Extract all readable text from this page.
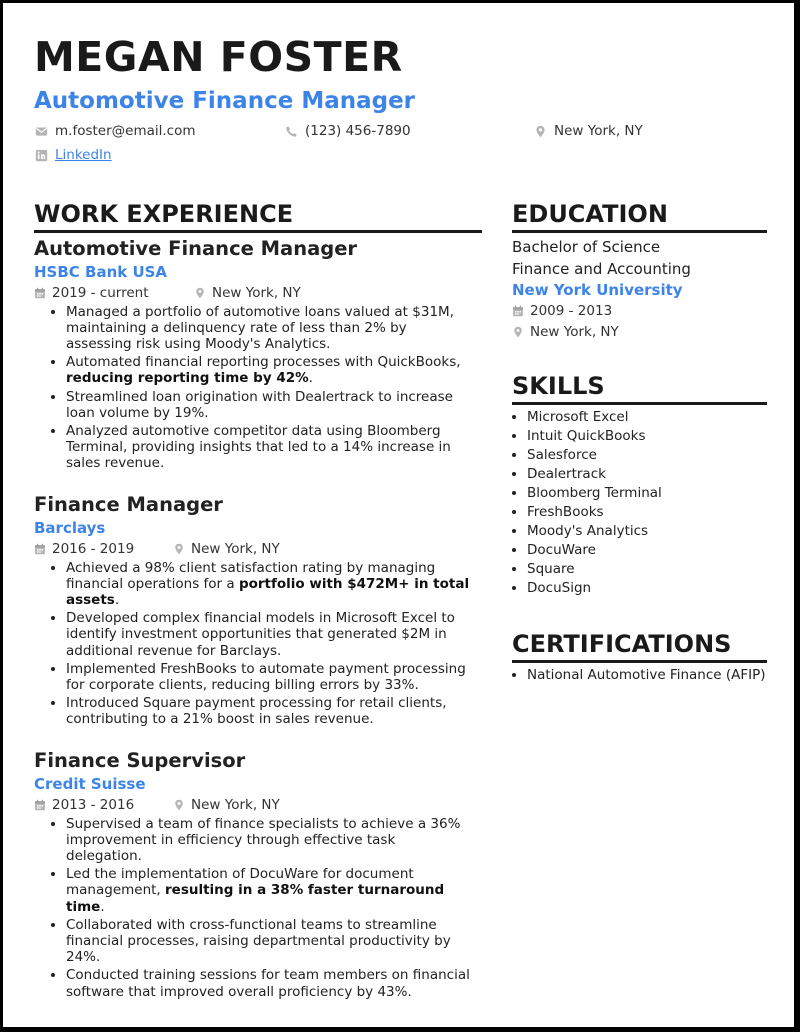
MEGAN FOSTER
Automotive Finance Manager
m.foster@email.com	(123) 456-7890	New York, NY
LinkedIn
WORK EXPERIENCE
Automotive Finance Manager

HSBC Bank USA

2019 - current	New York, NY
• Managed a portfolio of automotive loans valued at $31M, maintaining a delinquency rate of less than 2% by assessing risk using Moody's Analytics.
• Automated financial reporting processes with QuickBooks, reducing reporting time by 42%.
• Streamlined loan origination with Dealertrack to increase loan volume by 19%.
• Analyzed automotive competitor data using Bloomberg Terminal, providing insights that led to a 14% increase in sales revenue.
Finance Manager

Barclays

2016 - 2019	New York, NY
• Achieved a 98% client satisfaction rating by managing financial operations for a portfolio with $472M+ in total assets.
• Developed complex financial models in Microsoft Excel to identify investment opportunities that generated $2M in additional revenue for Barclays.
• Implemented FreshBooks to automate payment processing for corporate clients, reducing billing errors by 33%.
• Introduced Square payment processing for retail clients, contributing to a 21% boost in sales revenue.
Finance Supervisor

Credit Suisse

2013 - 2016	New York, NY
• Supervised a team of finance specialists to achieve a 36% improvement in efficiency through effective task delegation.
• Led the implementation of DocuWare for document management, resulting in a 38% faster turnaround time.
• Collaborated with cross-functional teams to streamline financial processes, raising departmental productivity by 24%.
• Conducted training sessions for team members on financial software that improved overall proficiency by 43%.
EDUCATION

Bachelor of Science

Finance and Accounting

New York University

2009 - 2013
New York, NY
SKILLS
• Microsoft Excel
• Intuit QuickBooks
• Salesforce
• Dealertrack
• Bloomberg Terminal
• FreshBooks
• Moody's Analytics
• DocuWare
• Square
• DocuSign
CERTIFICATIONS
• National Automotive Finance (AFIP)
